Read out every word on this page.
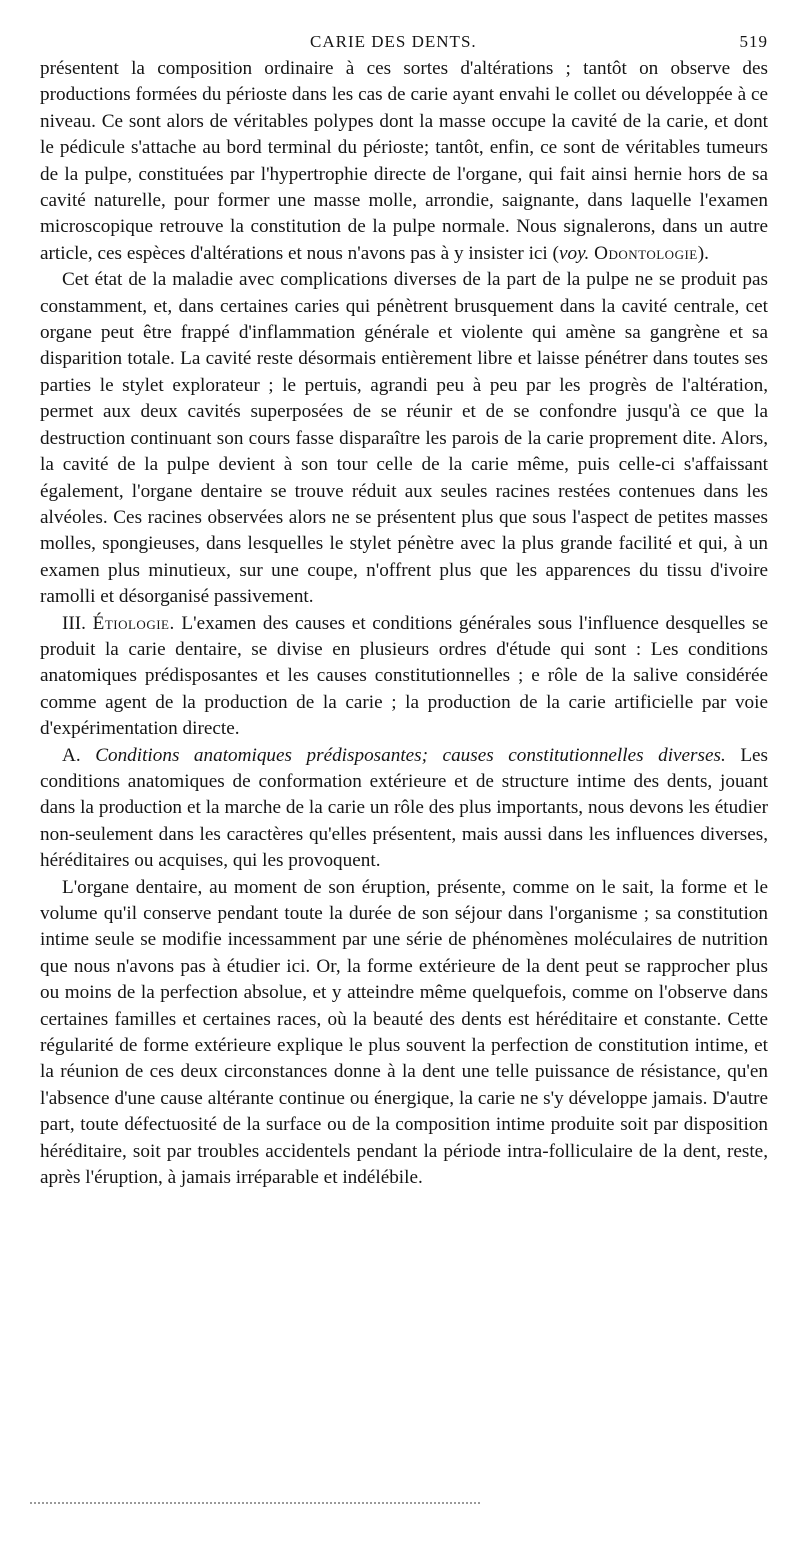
CARIE DES DENTS.	519

présentent la composition ordinaire à ces sortes d'altérations ; tantôt on observe des productions formées du périoste dans les cas de carie ayant envahi le collet ou développée à ce niveau. Ce sont alors de véritables polypes dont la masse occupe la cavité de la carie, et dont le pédicule s'attache au bord terminal du périoste; tantôt, enfin, ce sont de véritables tumeurs de la pulpe, constituées par l'hypertrophie directe de l'organe, qui fait ainsi hernie hors de sa cavité naturelle, pour former une masse molle, arrondie, saignante, dans laquelle l'examen microscopique retrouve la constitution de la pulpe normale. Nous signalerons, dans un autre article, ces espèces d'altérations et nous n'avons pas à y insister ici (voy. Odontologie).

Cet état de la maladie avec complications diverses de la part de la pulpe ne se produit pas constamment, et, dans certaines caries qui pénètrent brusquement dans la cavité centrale, cet organe peut être frappé d'inflammation générale et violente qui amène sa gangrène et sa disparition totale. La cavité reste désormais entièrement libre et laisse pénétrer dans toutes ses parties le stylet explorateur ; le pertuis, agrandi peu à peu par les progrès de l'altération, permet aux deux cavités superposées de se réunir et de se confondre jusqu'à ce que la destruction continuant son cours fasse disparaître les parois de la carie proprement dite. Alors, la cavité de la pulpe devient à son tour celle de la carie même, puis celle-ci s'affaissant également, l'organe dentaire se trouve réduit aux seules racines restées contenues dans les alvéoles. Ces racines observées alors ne se présentent plus que sous l'aspect de petites masses molles, spongieuses, dans lesquelles le stylet pénètre avec la plus grande facilité et qui, à un examen plus minutieux, sur une coupe, n'offrent plus que les apparences du tissu d'ivoire ramolli et désorganisé passivement.

III. Étiologie. L'examen des causes et conditions générales sous l'influence desquelles se produit la carie dentaire, se divise en plusieurs ordres d'étude qui sont : Les conditions anatomiques prédisposantes et les causes constitutionnelles ; e rôle de la salive considérée comme agent de la production de la carie ; la production de la carie artificielle par voie d'expérimentation directe.

A. Conditions anatomiques prédisposantes; causes constitutionnelles diverses. Les conditions anatomiques de conformation extérieure et de structure intime des dents, jouant dans la production et la marche de la carie un rôle des plus importants, nous devons les étudier non-seulement dans les caractères qu'elles présentent, mais aussi dans les influences diverses, héréditaires ou acquises, qui les provoquent.

L'organe dentaire, au moment de son éruption, présente, comme on le sait, la forme et le volume qu'il conserve pendant toute la durée de son séjour dans l'organisme ; sa constitution intime seule se modifie incessamment par une série de phénomènes moléculaires de nutrition que nous n'avons pas à étudier ici. Or, la forme extérieure de la dent peut se rapprocher plus ou moins de la perfection absolue, et y atteindre même quelquefois, comme on l'observe dans certaines familles et certaines races, où la beauté des dents est héréditaire et constante. Cette régularité de forme extérieure explique le plus souvent la perfection de constitution intime, et la réunion de ces deux circonstances donne à la dent une telle puissance de résistance, qu'en l'absence d'une cause altérante continue ou énergique, la carie ne s'y développe jamais. D'autre part, toute défectuosité de la surface ou de la composition intime produite soit par disposition héréditaire, soit par troubles accidentels pendant la période intra-folliculaire de la dent, reste, après l'éruption, à jamais irréparable et indélébile.
